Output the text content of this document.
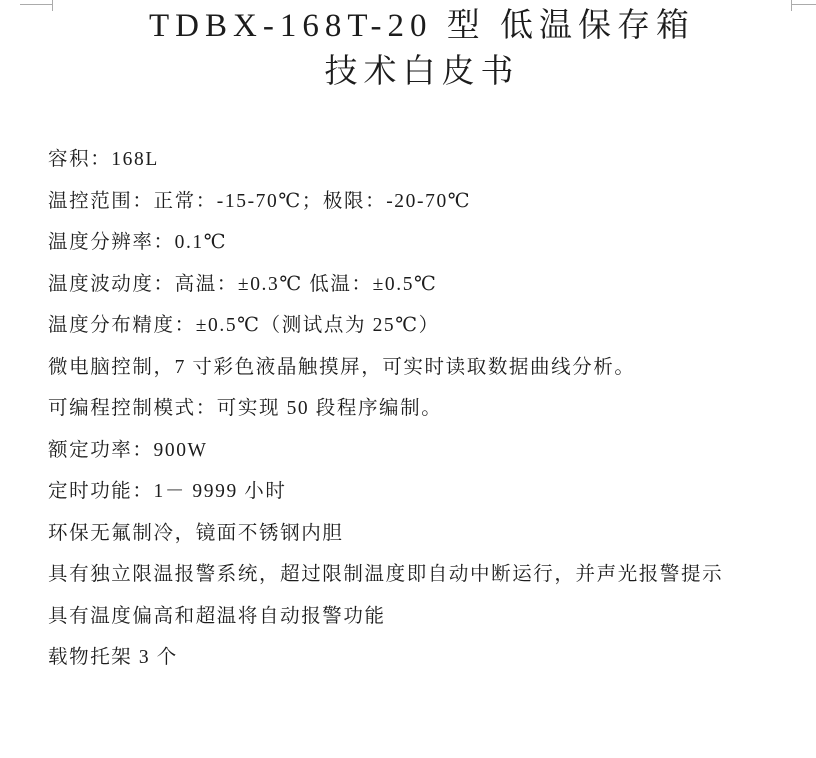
TDBX-168T-20 型 低温保存箱
技术白皮书

容积：168L

温控范围：正常：-15-70℃；极限：-20-70℃

温度分辨率：0.1℃

温度波动度：高温：±0.3℃ 低温：±0.5℃

温度分布精度：±0.5℃（测试点为 25℃）

微电脑控制，7 寸彩色液晶触摸屏，可实时读取数据曲线分析。

可编程控制模式：可实现 50 段程序编制。

额定功率：900W

定时功能：1－ 9999 小时

环保无氟制冷，镜面不锈钢内胆

具有独立限温报警系统，超过限制温度即自动中断运行，并声光报警提示

具有温度偏高和超温将自动报警功能

载物托架 3 个
